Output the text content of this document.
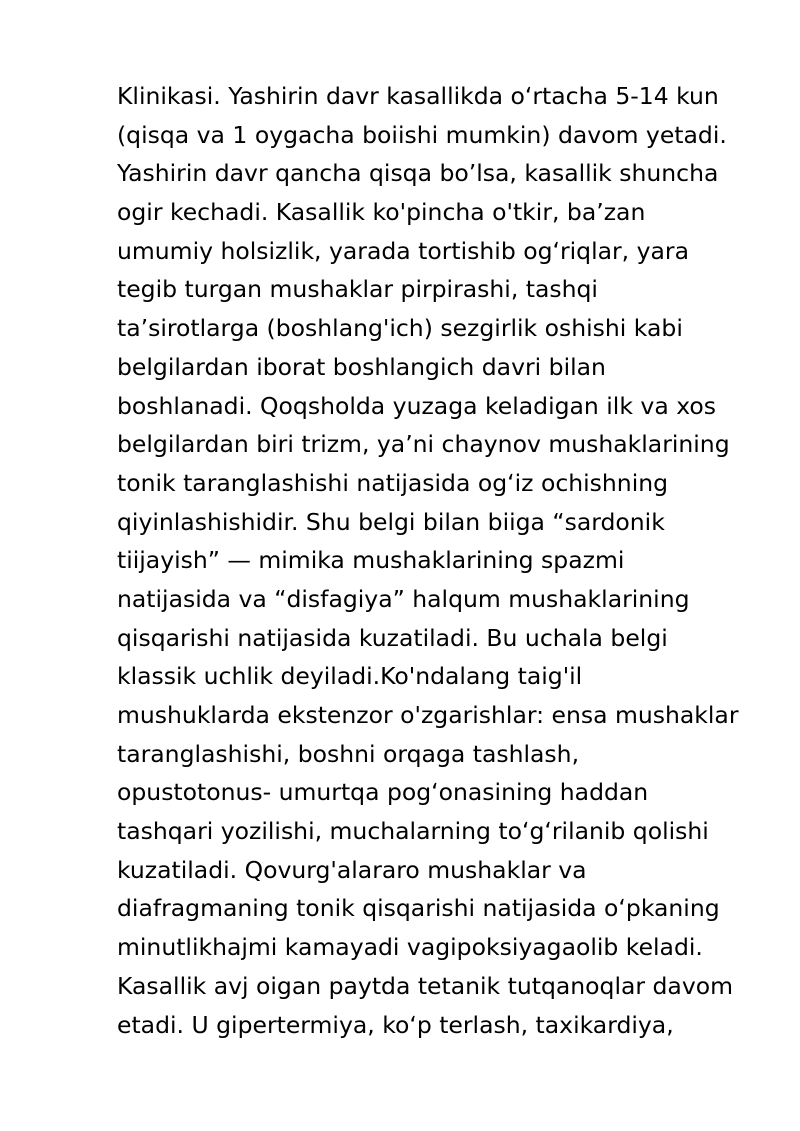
Klinikasi. Yashirin davr kasallikda oʻrtacha 5-14 kun
(qisqa va 1 oygacha boiishi mumkin) davom yetadi.
Yashirin davr qancha qisqa bo’lsa, kasallik shuncha
ogir kechadi. Kasallik ko'pincha o'tkir, ba’zan
umumiy holsizlik, yarada tortishib ogʻriqlar, yara
tegib turgan mushaklar pirpirashi, tashqi
ta’sirotlarga (boshlang'ich) sezgirlik oshishi kabi
belgilardan iborat boshlangich davri bilan
boshlanadi. Qoqsholda yuzaga keladigan ilk va xos
belgilardan biri trizm, ya’ni chaynov mushaklarining
tonik taranglashishi natijasida ogʻiz ochishning
qiyinlashishidir. Shu belgi bilan biiga “sardonik
tiijayish” — mimika mushaklarining spazmi
natijasida va “disfagiya” halqum mushaklarining
qisqarishi natijasida kuzatiladi. Bu uchala belgi
klassik uchlik deyiladi.Ko'ndalang taig'il
mushuklarda ekstenzor o'zgarishlar: ensa mushaklar
taranglashishi, boshni orqaga tashlash,
opustotonus- umurtqa pogʻonasining haddan
tashqari yozilishi, muchalarning toʻgʻrilanib qolishi
kuzatiladi. Qovurg'alararo mushaklar va
diafragmaning tonik qisqarishi natijasida oʻpkaning
minutlikhajmi kamayadi vagipoksiyagaolib keladi.
Kasallik avj oigan paytda tetanik tutqanoqlar davom
etadi. U gipertermiya, koʻp terlash, taxikardiya,
